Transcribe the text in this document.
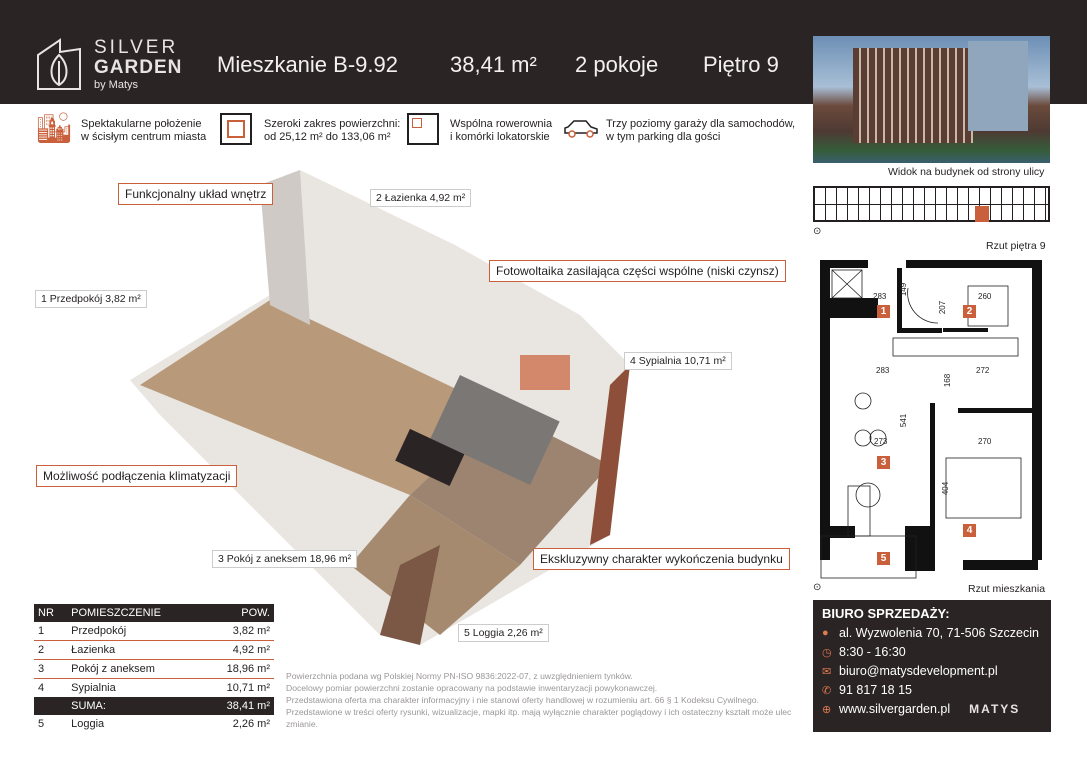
SILVER
GARDEN
by Matys
Mieszkanie B-9.92 38,41 m² 2 pokoje Piętro 9
Widok na budynek od strony ulicy
🏙 Spektakularne położenie
w ścisłym centrum miasta
Szeroki zakres powierzchni:
od 25,12 m² do 133,06 m²
Wspólna rowerownia
i komórki lokatorskie
Trzy poziomy garaży dla samochodów,
w tym parking dla gości
Funkcjonalny układ wnętrz	2 Łazienka 4,92 m²
Fotowoltaika zasilająca części wspólne (niski czynsz)
1 Przedpokój 3,82 m²
4 Sypialnia 10,71 m²
Możliwość podłączenia klimatyzacji
3 Pokój z aneksem 18,96 m²	Ekskluzywny charakter wykończenia budynku
5 Loggia 2,26 m²
⊙
Rzut piętra 9
1	2
3
4
5
283
149
260
207
283	272
168
541
273	270
404
⊙	Rzut mieszkania
NR	POMIESZCZENIE	POW.
1	Przedpokój	3,82 m²
2	Łazienka	4,92 m²
3	Pokój z aneksem	18,96 m²
4	Sypialnia	10,71 m²
	SUMA:	38,41 m²
5	Loggia	2,26 m²
Powierzchnia podana wg Polskiej Normy PN-ISO 9836:2022-07, z uwzględnieniem tynków.
Docelowy pomiar powierzchni zostanie opracowany na podstawie inwentaryzacji powykonawczej.
Przedstawiona oferta ma charakter informacyjny i nie stanowi oferty handlowej w rozumieniu art. 66 § 1 Kodeksu Cywilnego.
Przedstawione w treści oferty rysunki, wizualizacje, mapki itp. mają wyłącznie charakter poglądowy i ich ostateczny kształt może ulec zmianie.
BIURO SPRZEDAŻY:
● al. Wyzwolenia 70, 71-506 Szczecin
◷ 8:30 - 16:30
✉ biuro@matysdevelopment.pl
✆ 91 817 18 15
⊕ www.silvergarden.pl MATYS
